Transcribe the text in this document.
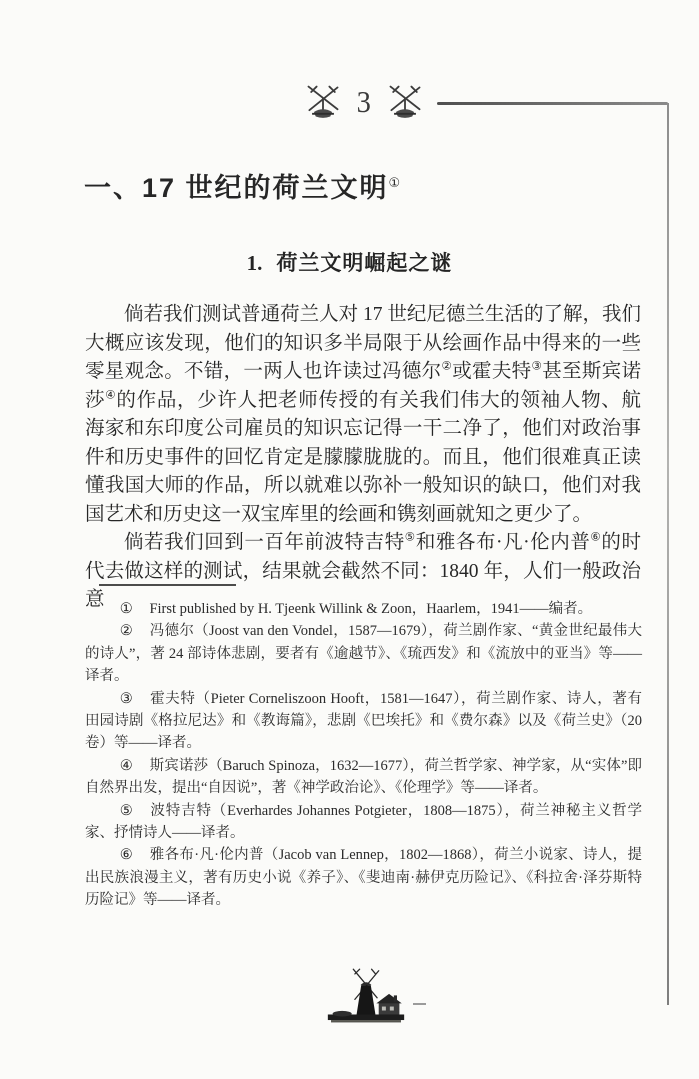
3
一、17 世纪的荷兰文明①
1. 荷兰文明崛起之谜

倘若我们测试普通荷兰人对 17 世纪尼德兰生活的了解，我们大概应该发现，他们的知识多半局限于从绘画作品中得来的一些零星观念。不错，一两人也许读过冯德尔②或霍夫特③甚至斯宾诺莎④的作品，少许人把老师传授的有关我们伟大的领袖人物、航海家和东印度公司雇员的知识忘记得一干二净了，他们对政治事件和历史事件的回忆肯定是朦朦胧胧的。而且，他们很难真正读懂我国大师的作品，所以就难以弥补一般知识的缺口，他们对我国艺术和历史这一双宝库里的绘画和镌刻画就知之更少了。

倘若我们回到一百年前波特吉特⑤和雅各布·凡·伦内普⑥的时代去做这样的测试，结果就会截然不同：1840 年，人们一般政治意	① First published by H. Tjeenk Willink & Zoon，Haarlem，1941——编者。

② 冯德尔（Joost van den Vondel，1587—1679），荷兰剧作家、“黄金世纪最伟大的诗人”，著 24 部诗体悲剧，要者有《逾越节》、《琉西发》和《流放中的亚当》等——译者。

③ 霍夫特（Pieter Corneliszoon Hooft，1581—1647），荷兰剧作家、诗人，著有田园诗剧《格拉尼达》和《教诲篇》，悲剧《巴埃托》和《费尔森》以及《荷兰史》（20 卷）等——译者。

④ 斯宾诺莎（Baruch Spinoza，1632—1677），荷兰哲学家、神学家，从“实体”即自然界出发，提出“自因说”，著《神学政治论》、《伦理学》等——译者。

⑤ 波特吉特（Everhardes Johannes Potgieter，1808—1875），荷兰神秘主义哲学家、抒情诗人——译者。

⑥ 雅各布·凡·伦内普（Jacob van Lennep，1802—1868），荷兰小说家、诗人，提出民族浪漫主义，著有历史小说《养子》、《斐迪南·赫伊克历险记》、《科拉舍·泽芬斯特历险记》等——译者。
